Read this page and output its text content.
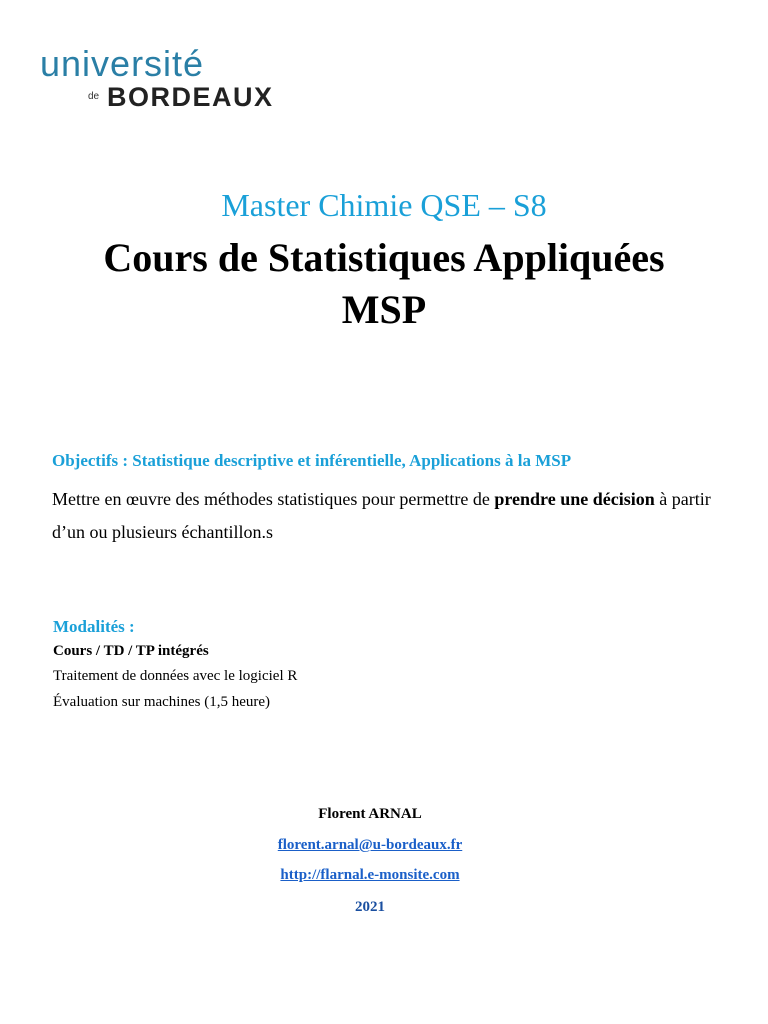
université
de BORDEAUX
Master Chimie QSE – S8
Cours de Statistiques Appliquées
MSP

Objectifs : Statistique descriptive et inférentielle, Applications à la MSP

Mettre en œuvre des méthodes statistiques pour permettre de prendre une décision à partir d’un ou plusieurs échantillon.s

Modalités :

Cours / TD / TP intégrés

Traitement de données avec le logiciel R

Évaluation sur machines (1,5 heure)

Florent ARNAL

florent.arnal@u-bordeaux.fr

http://flarnal.e-monsite.com

2021
